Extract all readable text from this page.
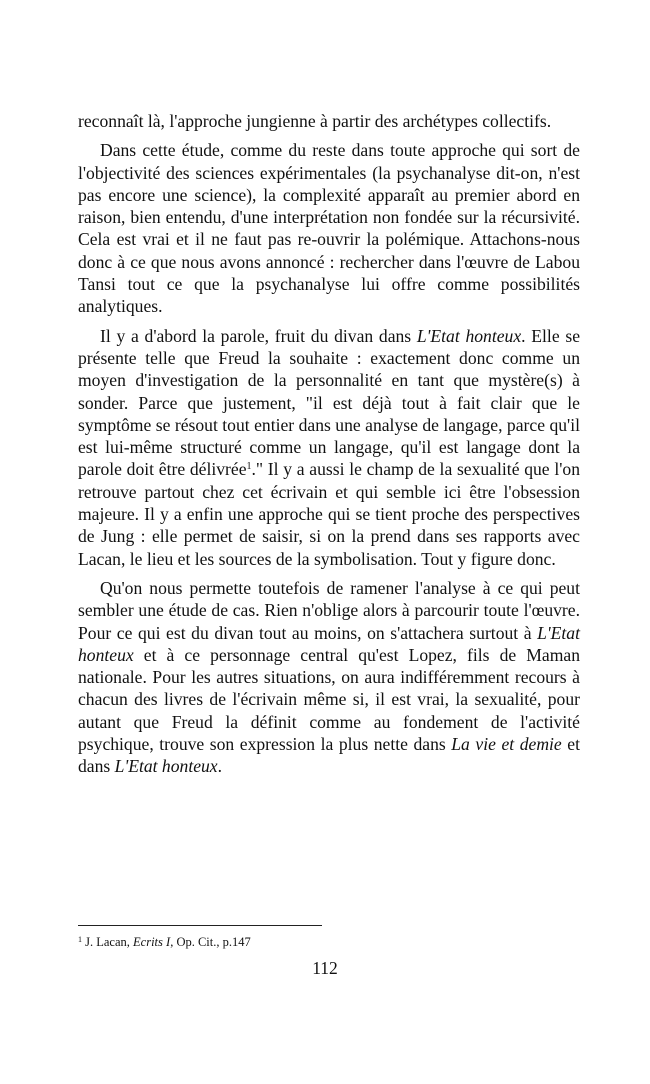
reconnaît là, l'approche jungienne à partir des archétypes collectifs.

Dans cette étude, comme du reste dans toute approche qui sort de l'objectivité des sciences expérimentales (la psychanalyse dit-on, n'est pas encore une science), la complexité apparaît au premier abord en raison, bien entendu, d'une interprétation non fondée sur la récursivité. Cela est vrai et il ne faut pas re-ouvrir la polémique. Attachons-nous donc à ce que nous avons annoncé : rechercher dans l'œuvre de Labou Tansi tout ce que la psychanalyse lui offre comme possibilités analytiques.

Il y a d'abord la parole, fruit du divan dans L'Etat honteux. Elle se présente telle que Freud la souhaite : exactement donc comme un moyen d'investigation de la personnalité en tant que mystère(s) à sonder. Parce que justement, "il est déjà tout à fait clair que le symptôme se résout tout entier dans une analyse de langage, parce qu'il est lui-même structuré comme un langage, qu'il est langage dont la parole doit être délivrée$^1$." Il y a aussi le champ de la sexualité que l'on retrouve partout chez cet écrivain et qui semble ici être l'obsession majeure. Il y a enfin une approche qui se tient proche des perspectives de Jung : elle permet de saisir, si on la prend dans ses rapports avec Lacan, le lieu et les sources de la symbolisation. Tout y figure donc.

Qu'on nous permette toutefois de ramener l'analyse à ce qui peut sembler une étude de cas. Rien n'oblige alors à parcourir toute l'œuvre. Pour ce qui est du divan tout au moins, on s'attachera surtout à L'Etat honteux et à ce personnage central qu'est Lopez, fils de Maman nationale. Pour les autres situations, on aura indifféremment recours à chacun des livres de l'écrivain même si, il est vrai, la sexualité, pour autant que Freud la définit comme au fondement de l'activité psychique, trouve son expression la plus nette dans La vie et demie et dans L'Etat honteux.

$^1$ J. Lacan, Ecrits I, Op. Cit., p.147
112
